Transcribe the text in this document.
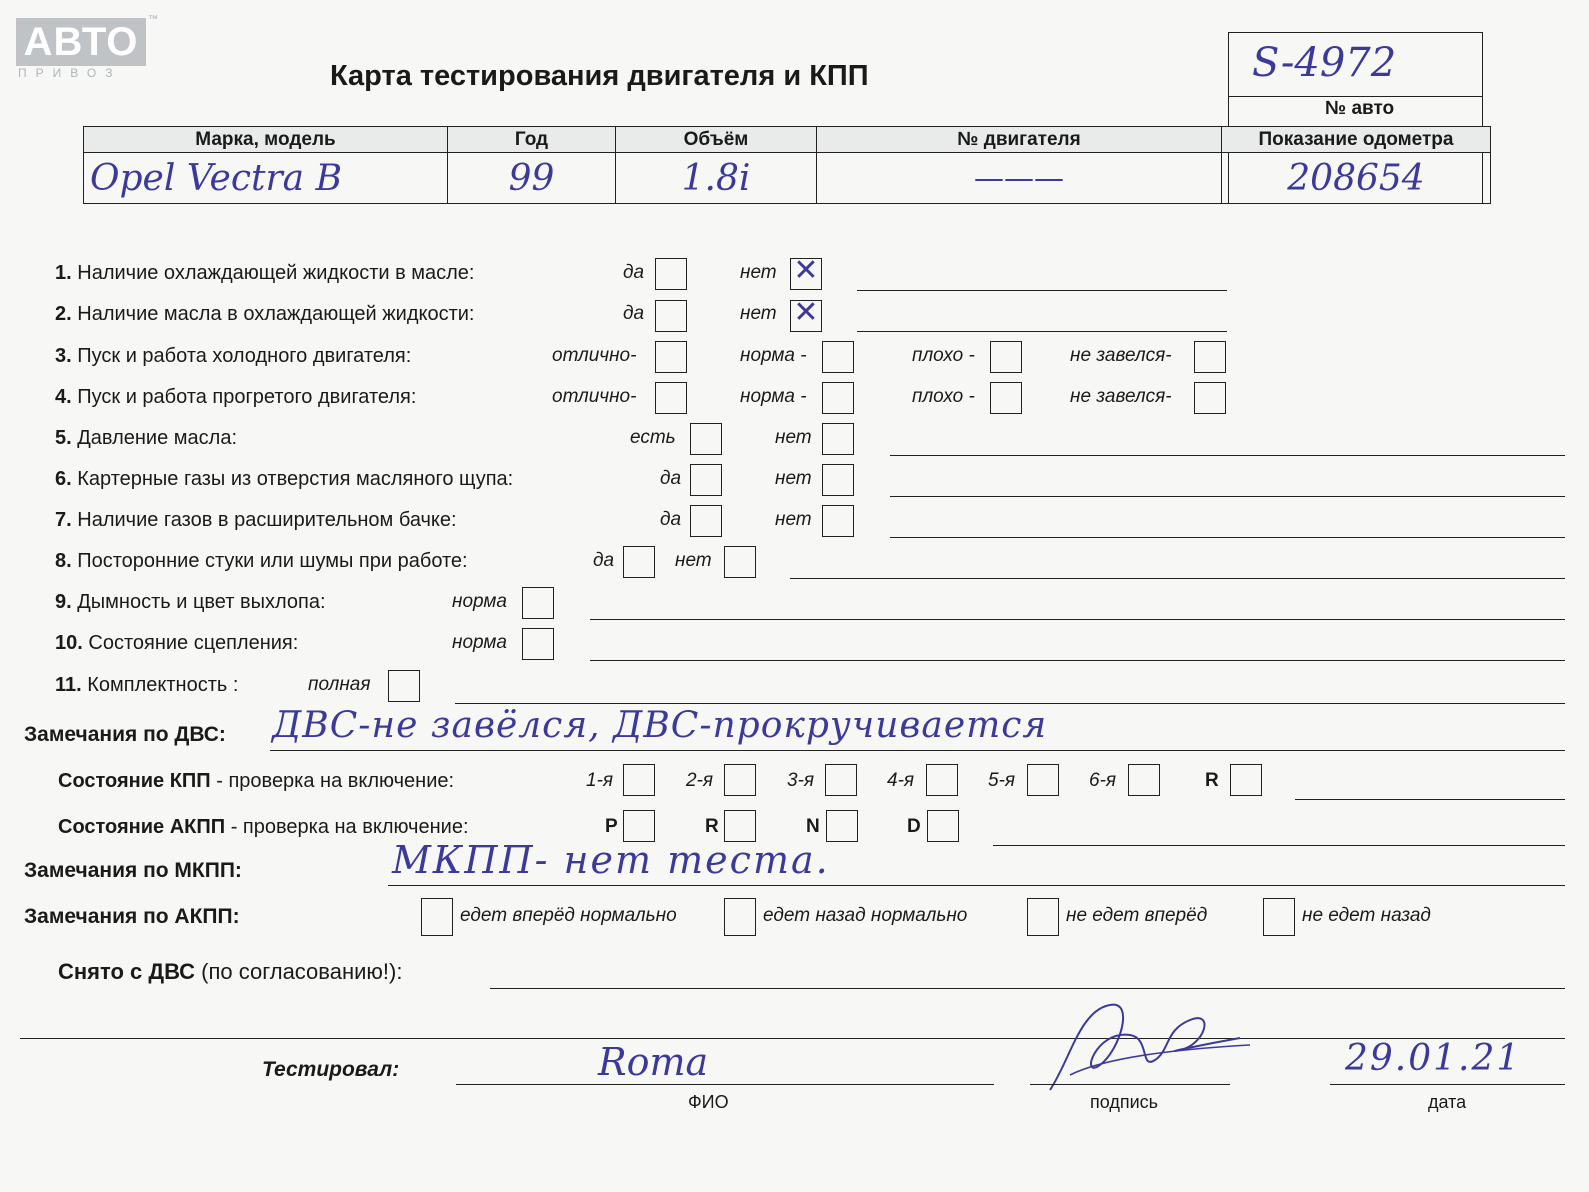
АВТО
™
ПРИВОЗ	Карта тестирования двигателя и КПП	S-4972
№ авто
Марка, модель	Год	Объём	№ двигателя	Показание одометра
Opel Vectra B	99	1.8i	———	208654
1. Наличие охлаждающей жидкости в масле:	да	нет ✕
2. Наличие масла в охлаждающей жидкости:	да	нет ✕
3. Пуск и работа холодного двигателя:	отлично-	норма -	плохо -	не завелся-
4. Пуск и работа прогретого двигателя:	отлично-	норма -	плохо -	не завелся-
5. Давление масла:	есть	нет
6. Картерные газы из отверстия масляного щупа:	да	нет
7. Наличие газов в расширительном бачке:	да	нет
8. Посторонние стуки или шумы при работе:	да	нет
9. Дымность и цвет выхлопа:	норма
10. Состояние сцепления:	норма
11. Комплектность :	полная
Замечания по ДВС: ДВС-не завёлся, ДВС-прокручивается
Состояние КПП - проверка на включение:	1-я	2-я	3-я	4-я	5-я	6-я	R
Состояние АКПП - проверка на включение:	P	R	N	D
Замечания по МКПП:	МКПП- нет теста.
Замечания по АКПП:	едет вперёд нормально	едет назад нормально	не едет вперёд	не едет назад
Снято с ДВС (по согласованию!):
Тестировал:	Roma
ФИО	подпись
29.01.21
дата
